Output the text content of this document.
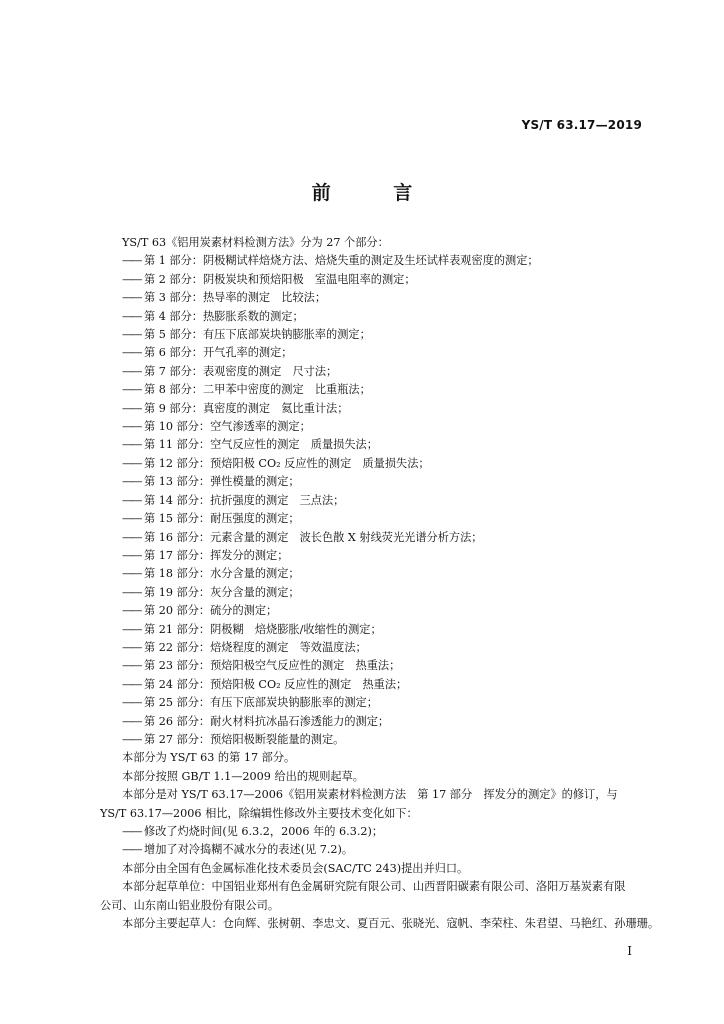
YS/T 63.17—2019
前 言
YS/T 63《铝用炭素材料检测方法》分为 27 个部分：
—— 第 1 部分：阴极糊试样焙烧方法、焙烧失重的测定及生坯试样表观密度的测定；
—— 第 2 部分：阴极炭块和预焙阳极　室温电阻率的测定；
—— 第 3 部分：热导率的测定　比较法；
—— 第 4 部分：热膨胀系数的测定；
—— 第 5 部分：有压下底部炭块钠膨胀率的测定；
—— 第 6 部分：开气孔率的测定；
—— 第 7 部分：表观密度的测定　尺寸法；
—— 第 8 部分：二甲苯中密度的测定　比重瓶法；
—— 第 9 部分：真密度的测定　氦比重计法；
—— 第 10 部分：空气渗透率的测定；
—— 第 11 部分：空气反应性的测定　质量损失法；
—— 第 12 部分：预焙阳极 CO₂ 反应性的测定　质量损失法；
—— 第 13 部分：弹性模量的测定；
—— 第 14 部分：抗折强度的测定　三点法；
—— 第 15 部分：耐压强度的测定；
—— 第 16 部分：元素含量的测定　波长色散 X 射线荧光光谱分析方法；
—— 第 17 部分：挥发分的测定；
—— 第 18 部分：水分含量的测定；
—— 第 19 部分：灰分含量的测定；
—— 第 20 部分：硫分的测定；
—— 第 21 部分：阴极糊　焙烧膨胀/收缩性的测定；
—— 第 22 部分：焙烧程度的测定　等效温度法；
—— 第 23 部分：预焙阳极空气反应性的测定　热重法；
—— 第 24 部分：预焙阳极 CO₂ 反应性的测定　热重法；
—— 第 25 部分：有压下底部炭块钠膨胀率的测定；
—— 第 26 部分：耐火材料抗冰晶石渗透能力的测定；
—— 第 27 部分：预焙阳极断裂能量的测定。
本部分为 YS/T 63 的第 17 部分。
本部分按照 GB/T 1.1—2009 给出的规则起草。
本部分是对 YS/T 63.17—2006《铝用炭素材料检测方法　第 17 部分　挥发分的测定》的修订，与 YS/T 63.17—2006 相比，除编辑性修改外主要技术变化如下：
—— 修改了灼烧时间(见 6.3.2，2006 年的 6.3.2)；
—— 增加了对冷捣糊不减水分的表述(见 7.2)。
本部分由全国有色金属标准化技术委员会(SAC/TC 243)提出并归口。
本部分起草单位：中国铝业郑州有色金属研究院有限公司、山西晋阳碳素有限公司、洛阳万基炭素有限公司、山东南山铝业股份有限公司。
本部分主要起草人：仓向辉、张树朝、李忠文、夏百元、张晓光、寇帆、李荣柱、朱君望、马艳红、孙珊珊。
I
